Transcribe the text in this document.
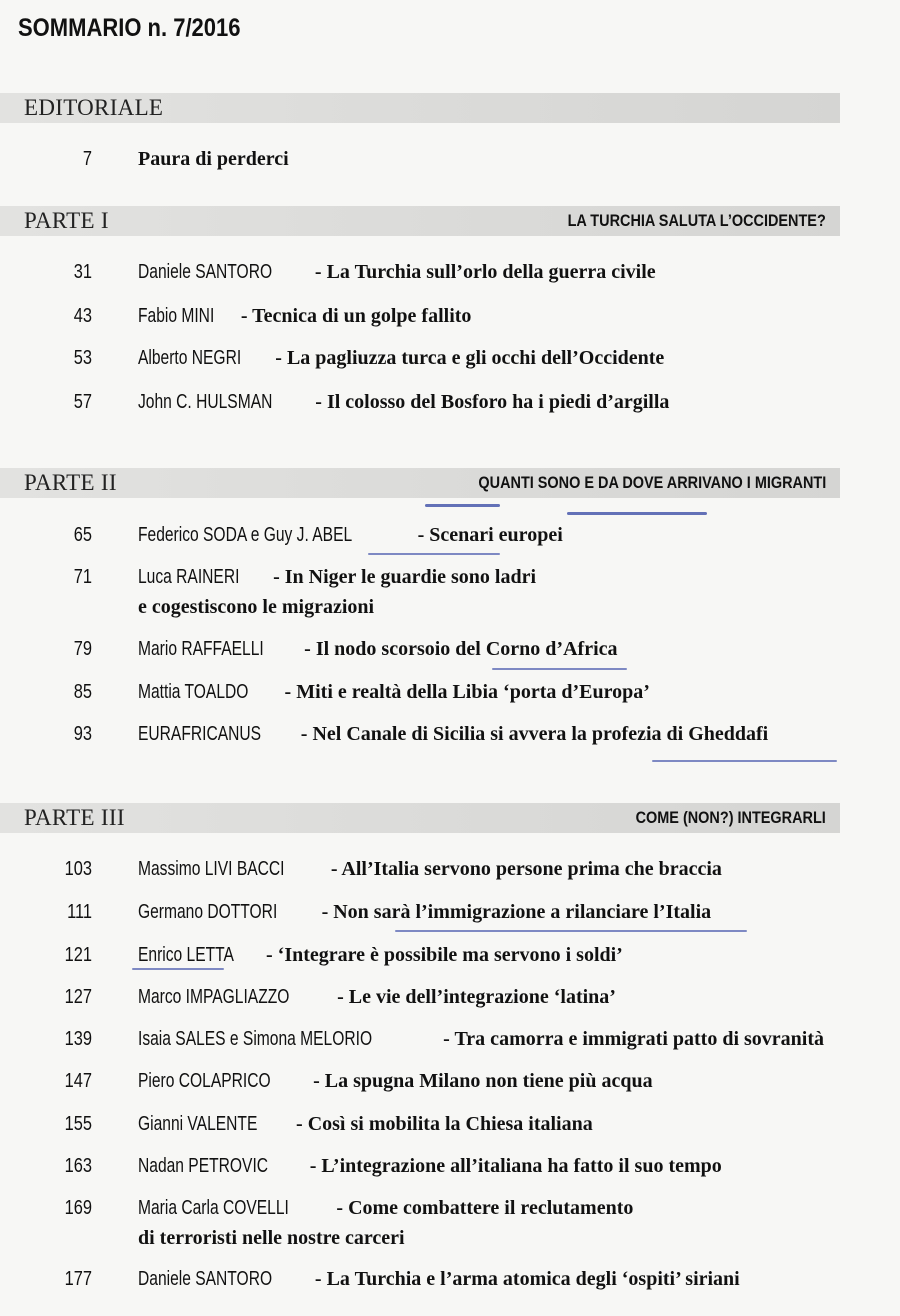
SOMMARIO n. 7/2016
EDITORIALE
7 Paura di perderci
PARTE I	LA TURCHIA SALUTA L’OCCIDENTE?
31 Daniele SANTORO - La Turchia sull’orlo della guerra civile
43 Fabio MINI - Tecnica di un golpe fallito
53 Alberto NEGRI - La pagliuzza turca e gli occhi dell’Occidente
57 John C. HULSMAN - Il colosso del Bosforo ha i piedi d’argilla
PARTE II	QUANTI SONO E DA DOVE ARRIVANO I MIGRANTI
65 Federico SODA e Guy J. ABEL	- Scenari europei
71 Luca RAINERI - In Niger le guardie sono ladri
e cogestiscono le migrazioni
79 Mario RAFFAELLI - Il nodo scorsoio del Corno d’Africa
85 Mattia TOALDO - Miti e realtà della Libia ‘porta d’Europa’
93 EURAFRICANUS - Nel Canale di Sicilia si avvera la profezia di Gheddafi
PARTE III	COME (NON?) INTEGRARLI
103 Massimo LIVI BACCI - All’Italia servono persone prima che braccia
111 Germano DOTTORI - Non sarà l’immigrazione a rilanciare l’Italia
121 Enrico LETTA - ‘Integrare è possibile ma servono i soldi’
127 Marco IMPAGLIAZZO - Le vie dell’integrazione ‘latina’
139 Isaia SALES e Simona MELORIO	- Tra camorra e immigrati patto di sovranità
147 Piero COLAPRICO - La spugna Milano non tiene più acqua
155 Gianni VALENTE - Così si mobilita la Chiesa italiana
163 Nadan PETROVIC - L’integrazione all’italiana ha fatto il suo tempo
169 Maria Carla COVELLI - Come combattere il reclutamento
di terroristi nelle nostre carceri
177 Daniele SANTORO - La Turchia e l’arma atomica degli ‘ospiti’ siriani
